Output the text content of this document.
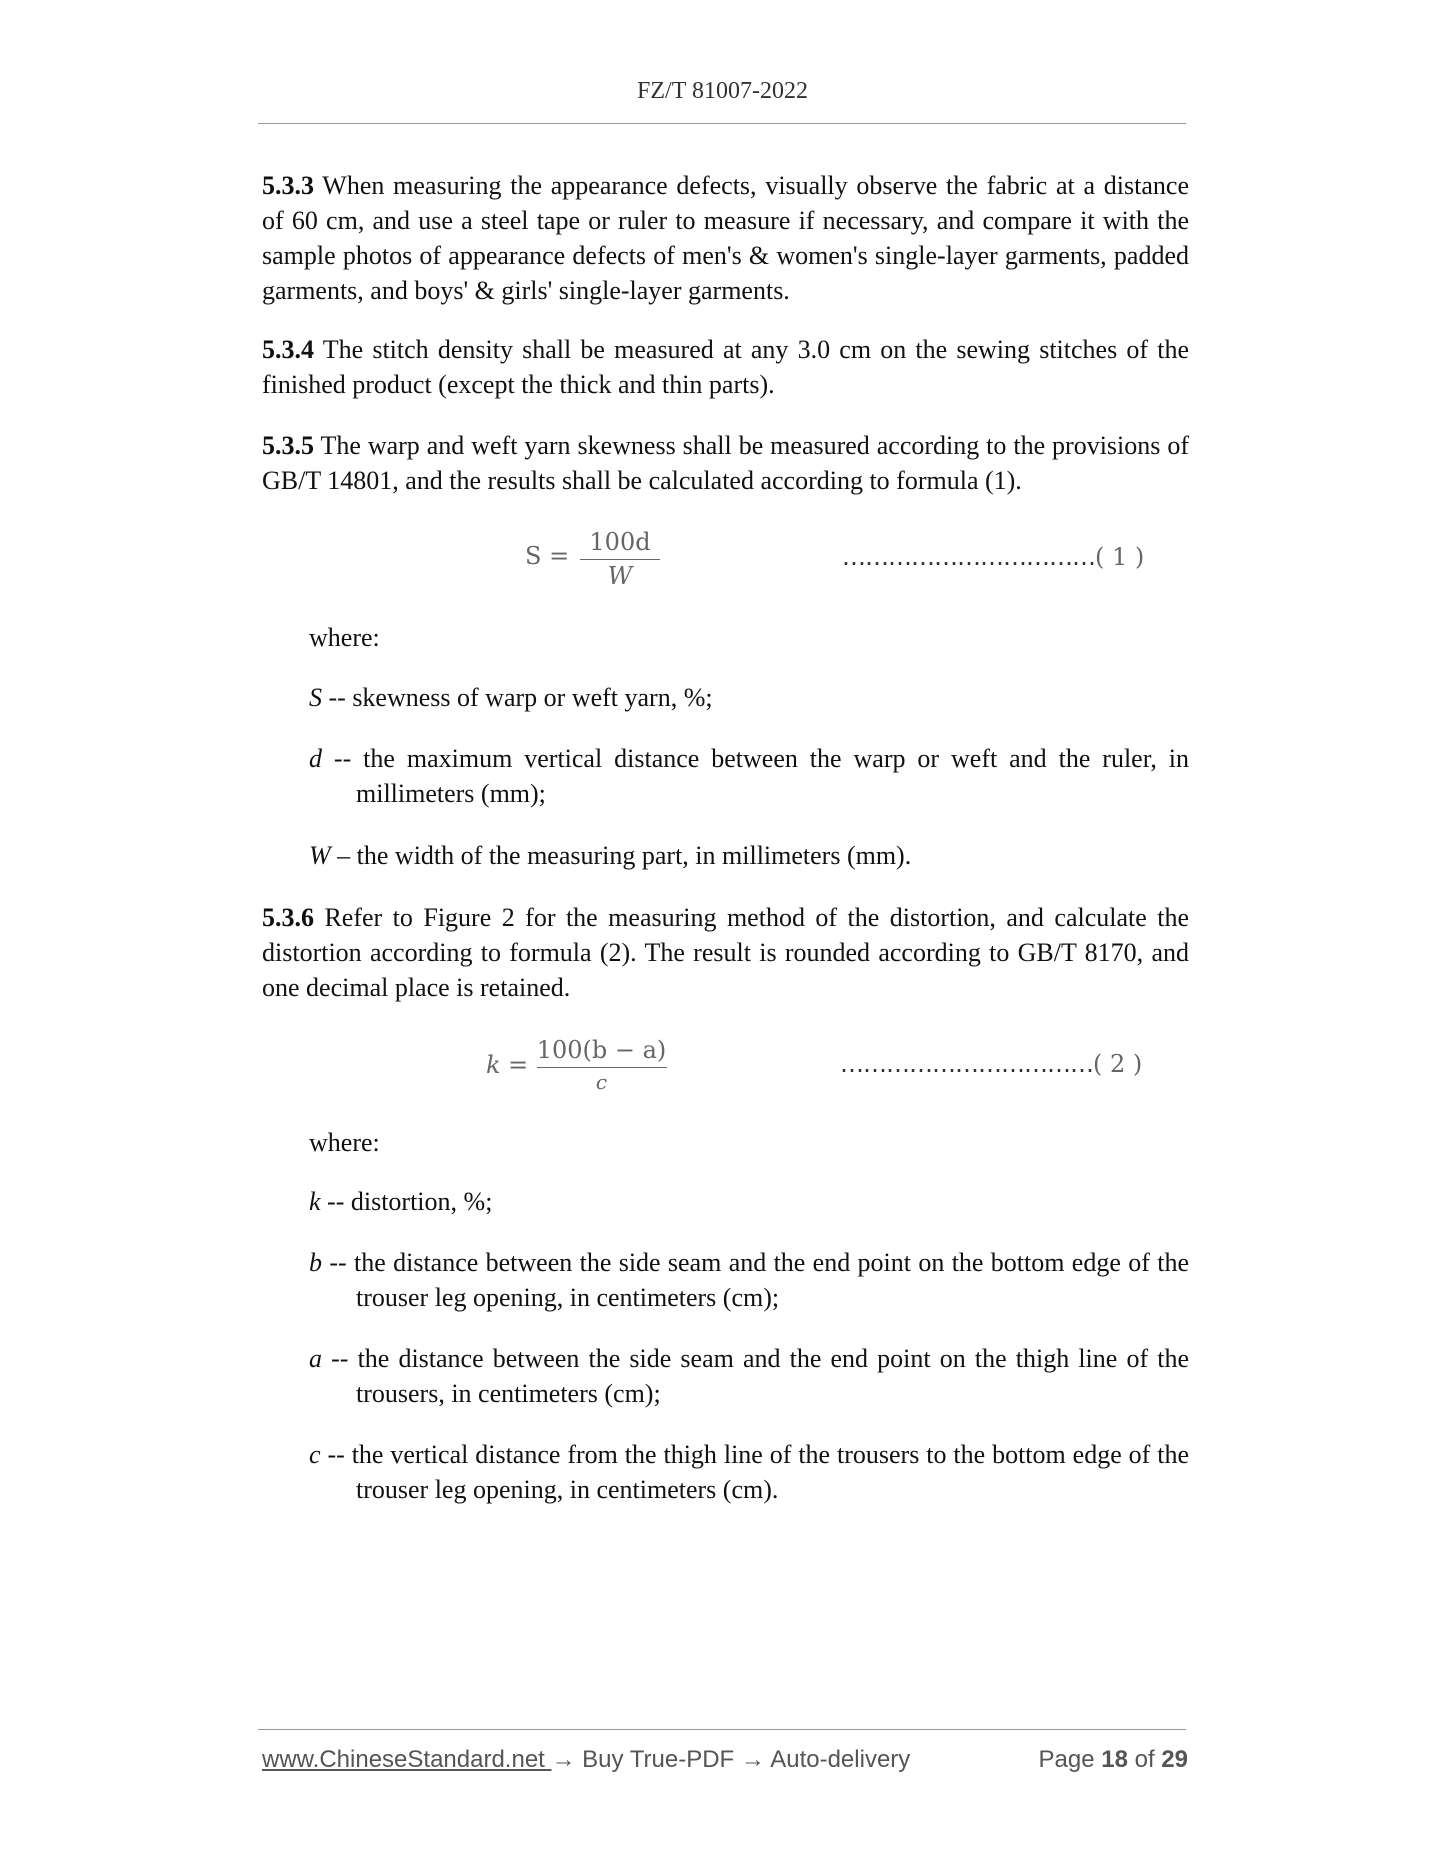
FZ/T 81007-2022

5.3.3 When measuring the appearance defects, visually observe the fabric at a distance of 60 cm, and use a steel tape or ruler to measure if necessary, and compare it with the sample photos of appearance defects of men's & women's single-layer garments, padded garments, and boys' & girls' single-layer garments.

5.3.4 The stitch density shall be measured at any 3.0 cm on the sewing stitches of the finished product (except the thick and thin parts).

5.3.5 The warp and weft yarn skewness shall be measured according to the provisions of GB/T 14801, and the results shall be calculated according to formula (1).

S = 100d
W
……………………………( 1 )

where:

S -- skewness of warp or weft yarn, %;

d -- the maximum vertical distance between the warp or weft and the ruler, in millimeters (mm);

W – the width of the measuring part, in millimeters (mm).

5.3.6 Refer to Figure 2 for the measuring method of the distortion, and calculate the distortion according to formula (2). The result is rounded according to GB/T 8170, and one decimal place is retained.

k =
100(b − a)
c
……………………………( 2 )

where:

k -- distortion, %;

b -- the distance between the side seam and the end point on the bottom edge of the trouser leg opening, in centimeters (cm);

a -- the distance between the side seam and the end point on the thigh line of the trousers, in centimeters (cm);

c -- the vertical distance from the thigh line of the trousers to the bottom edge of the trouser leg opening, in centimeters (cm).

www.ChineseStandard.net → Buy True-PDF → Auto-delivery	Page 18 of 29
